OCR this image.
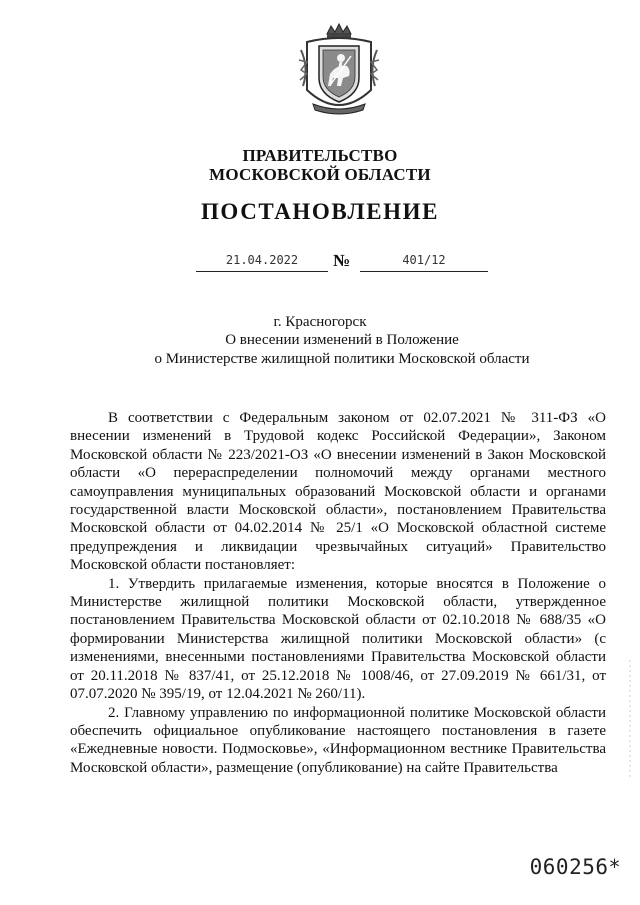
ПРАВИТЕЛЬСТВО
МОСКОВСКОЙ ОБЛАСТИ
ПОСТАНОВЛЕНИЕ
21.04.2022	№	401/12
г. Красногорск
О внесении изменений в Положение
о Министерстве жилищной политики Московской области

В соответствии с Федеральным законом от 02.07.2021 № 311-ФЗ «О внесении изменений в Трудовой кодекс Российской Федерации», Законом Московской области № 223/2021-ОЗ «О внесении изменений в Закон Московской области «О перераспределении полномочий между органами местного самоуправления муниципальных образований Московской области и органами государственной власти Московской области», постановлением Правительства Московской области от 04.02.2014 № 25/1 «О Московской областной системе предупреждения и ликвидации чрезвычайных ситуаций» Правительство Московской области постановляет:

1. Утвердить прилагаемые изменения, которые вносятся в Положение о Министерстве жилищной политики Московской области, утвержденное постановлением Правительства Московской области от 02.10.2018 № 688/35 «О формировании Министерства жилищной политики Московской области» (с изменениями, внесенными постановлениями Правительства Московской области от 20.11.2018 № 837/41, от 25.12.2018 № 1008/46, от 27.09.2019 № 661/31, от 07.07.2020 № 395/19, от 12.04.2021 № 260/11).

2. Главному управлению по информационной политике Московской области обеспечить официальное опубликование настоящего постановления в газете «Ежедневные новости. Подмосковье», «Информационном вестнике Правительства Московской области», размещение (опубликование) на сайте Правительства

060256*
